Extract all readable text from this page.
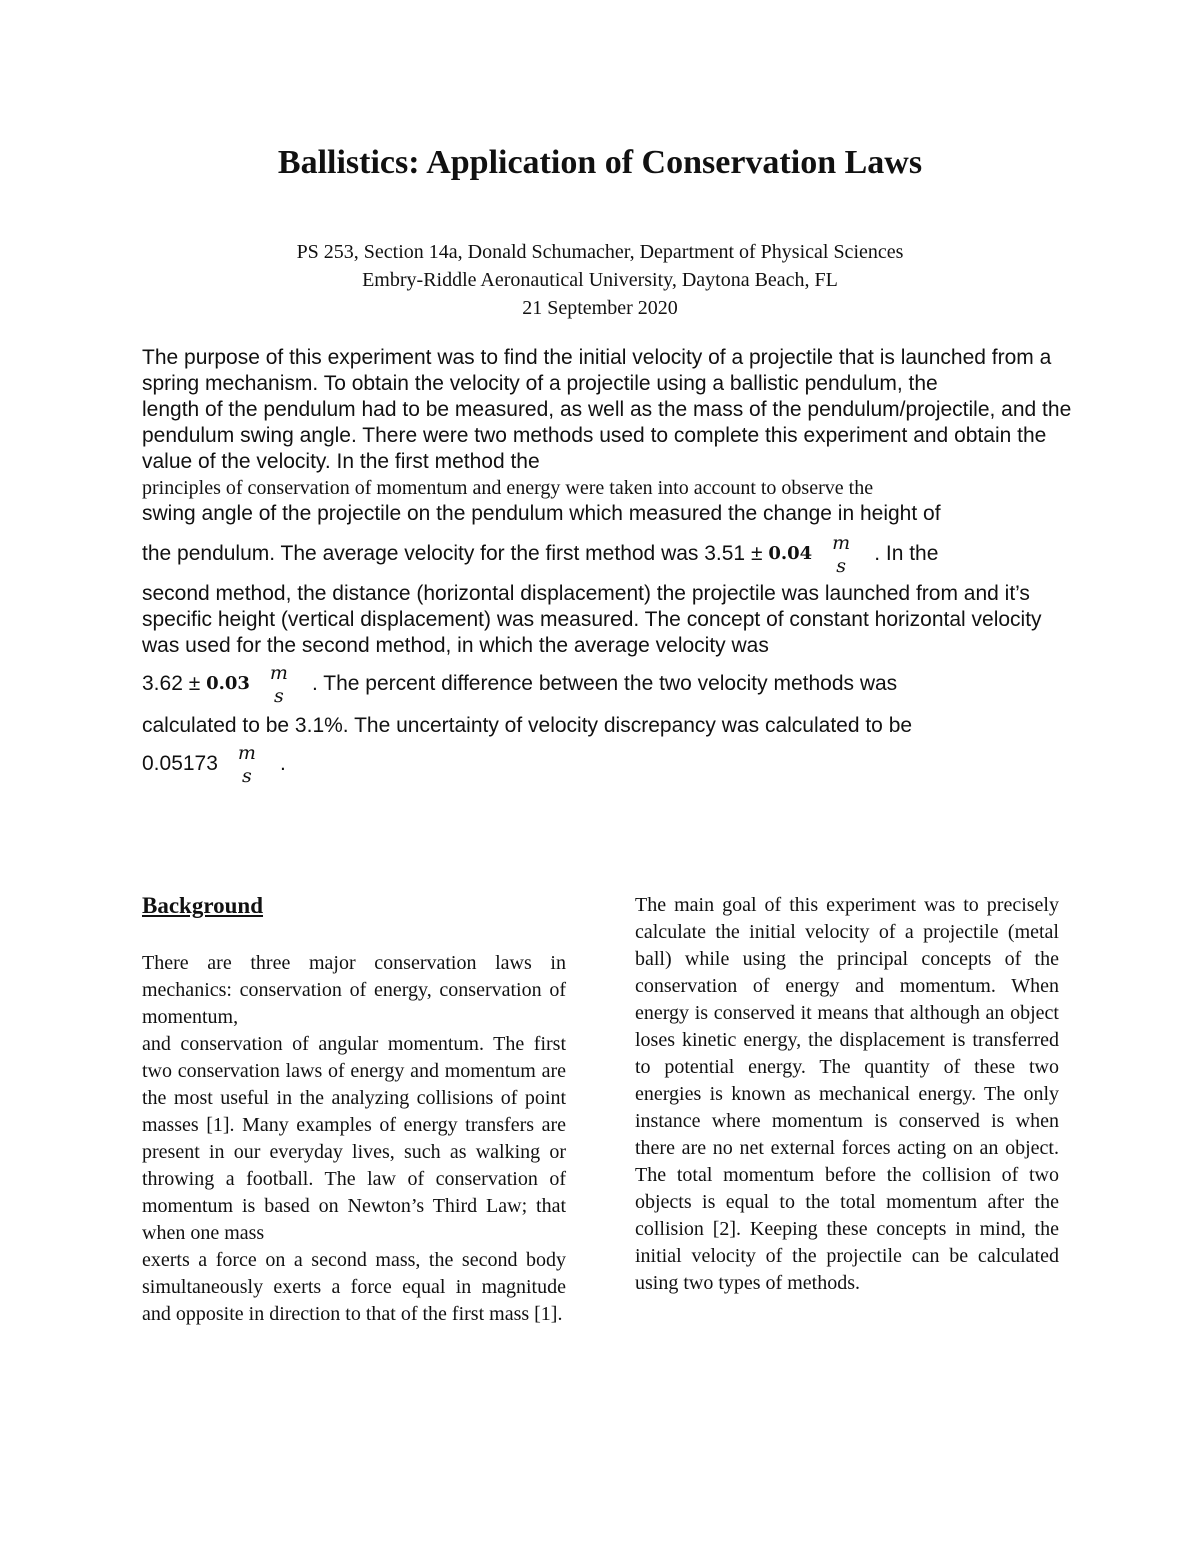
Ballistics: Application of Conservation Laws
PS 253, Section 14a, Donald Schumacher, Department of Physical Sciences
Embry-Riddle Aeronautical University, Daytona Beach, FL
21 September 2020

The purpose of this experiment was to find the initial velocity of a projectile that is launched from a spring mechanism. To obtain the velocity of a projectile using a ballistic pendulum, the

length of the pendulum had to be measured, as well as the mass of the pendulum/projectile, and the pendulum swing angle. There were two methods used to complete this experiment and obtain the value of the velocity. In the first method the

principles of conservation of momentum and energy were taken into account to observe the

swing angle of the projectile on the pendulum which measured the change in height of

the pendulum. The average velocity for the first method was 3.51 ± 0.04 m
s
. In the

second method, the distance (horizontal displacement) the projectile was launched from and it’s specific height (vertical displacement) was measured. The concept of constant horizontal velocity was used for the second method, in which the average velocity was

3.62 ± 0.03 m
s
. The percent difference between the two velocity methods was

calculated to be 3.1%. The uncertainty of velocity discrepancy was calculated to be

0.05173 m
s
.
Background

There are three major conservation laws in mechanics: conservation of energy, conservation of momentum,

and conservation of angular momentum. The first two conservation laws of energy and momentum are the most useful in the analyzing collisions of point masses [1]. Many examples of energy transfers are present in our everyday lives, such as walking or throwing a football. The law of conservation of momentum is based on Newton’s Third Law; that when one mass

exerts a force on a second mass, the second body simultaneously exerts a force equal in magnitude and opposite in direction to that of the first mass [1].

The main goal of this experiment was to precisely calculate the initial velocity of a projectile (metal ball) while using the principal concepts of the conservation of energy and momentum. When energy is conserved it means that although an object loses kinetic energy, the displacement is transferred to potential energy. The quantity of these two energies is known as mechanical energy. The only instance where momentum is conserved is when there are no net external forces acting on an object. The total momentum before the collision of two objects is equal to the total momentum after the collision [2]. Keeping these concepts in mind, the initial velocity of the projectile can be calculated using two types of methods.
